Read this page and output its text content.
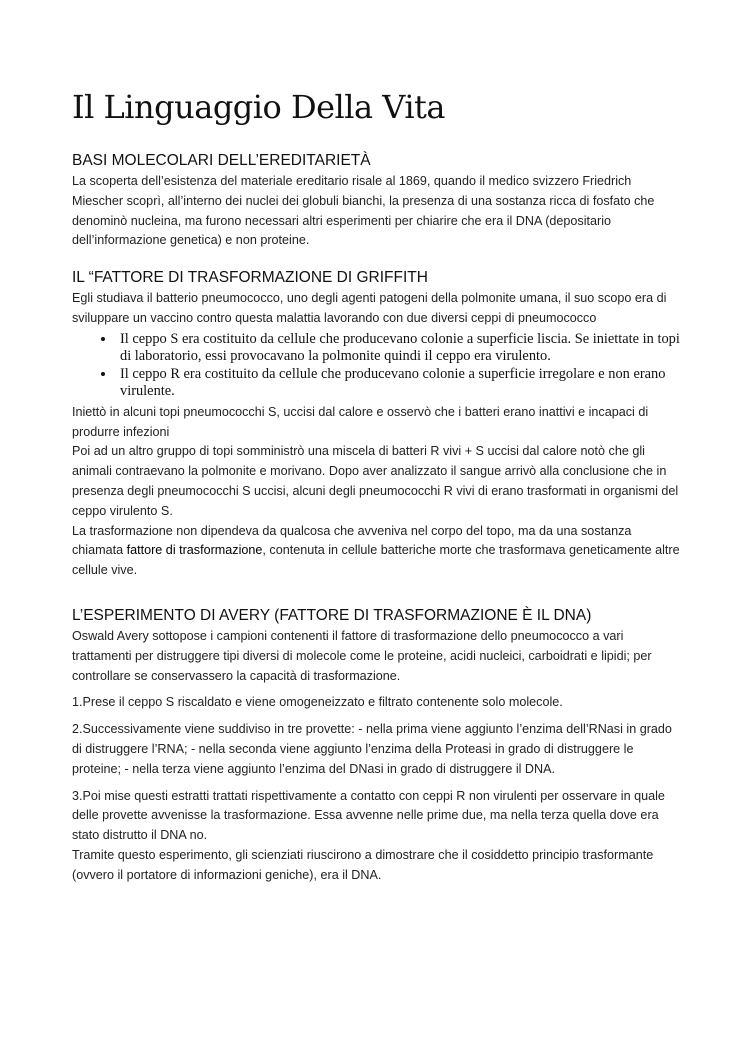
Il Linguaggio Della Vita
BASI MOLECOLARI DELL’EREDITARIETÀ

La scoperta dell’esistenza del materiale ereditario risale al 1869, quando il medico svizzero Friedrich Miescher scoprì, all’interno dei nuclei dei globuli bianchi, la presenza di una sostanza ricca di fosfato che denominò nucleina, ma furono necessari altri esperimenti per chiarire che era il DNA (depositario dell’informazione genetica) e non proteine.

IL “FATTORE DI TRASFORMAZIONE DI GRIFFITH

Egli studiava il batterio pneumococco, uno degli agenti patogeni della polmonite umana, il suo scopo era di sviluppare un vaccino contro questa malattia lavorando con due diversi ceppi di pneumococco

• Il ceppo S era costituito da cellule che producevano colonie a superficie liscia. Se iniettate in topi di laboratorio, essi provocavano la polmonite quindi il ceppo era virulento.
• Il ceppo R era costituito da cellule che producevano colonie a superficie irregolare e non erano virulente.

Iniettò in alcuni topi pneumococchi S, uccisi dal calore e osservò che i batteri erano inattivi e incapaci di produrre infezioni

Poi ad un altro gruppo di topi somministrò una miscela di batteri R vivi + S uccisi dal calore notò che gli animali contraevano la polmonite e morivano. Dopo aver analizzato il sangue arrivò alla conclusione che in presenza degli pneumococchi S uccisi, alcuni degli pneumococchi R vivi di erano trasformati in organismi del ceppo virulento S.

La trasformazione non dipendeva da qualcosa che avveniva nel corpo del topo, ma da una sostanza chiamata fattore di trasformazione, contenuta in cellule batteriche morte che trasformava geneticamente altre cellule vive.

L’ESPERIMENTO DI AVERY (FATTORE DI TRASFORMAZIONE È IL DNA)

Oswald Avery sottopose i campioni contenenti il fattore di trasformazione dello pneumococco a vari trattamenti per distruggere tipi diversi di molecole come le proteine, acidi nucleici, carboidrati e lipidi; per controllare se conservassero la capacità di trasformazione.

1.Prese il ceppo S riscaldato e viene omogeneizzato e filtrato contenente solo molecole.

2.Successivamente viene suddiviso in tre provette: - nella prima viene aggiunto l’enzima dell’RNasi in grado di distruggere l’RNA; - nella seconda viene aggiunto l’enzima della Proteasi in grado di distruggere le proteine; - nella terza viene aggiunto l’enzima del DNasi in grado di distruggere il DNA.

3.Poi mise questi estratti trattati rispettivamente a contatto con ceppi R non virulenti per osservare in quale delle provette avvenisse la trasformazione. Essa avvenne nelle prime due, ma nella terza quella dove era stato distrutto il DNA no.

Tramite questo esperimento, gli scienziati riuscirono a dimostrare che il cosiddetto principio trasformante (ovvero il portatore di informazioni geniche), era il DNA.
